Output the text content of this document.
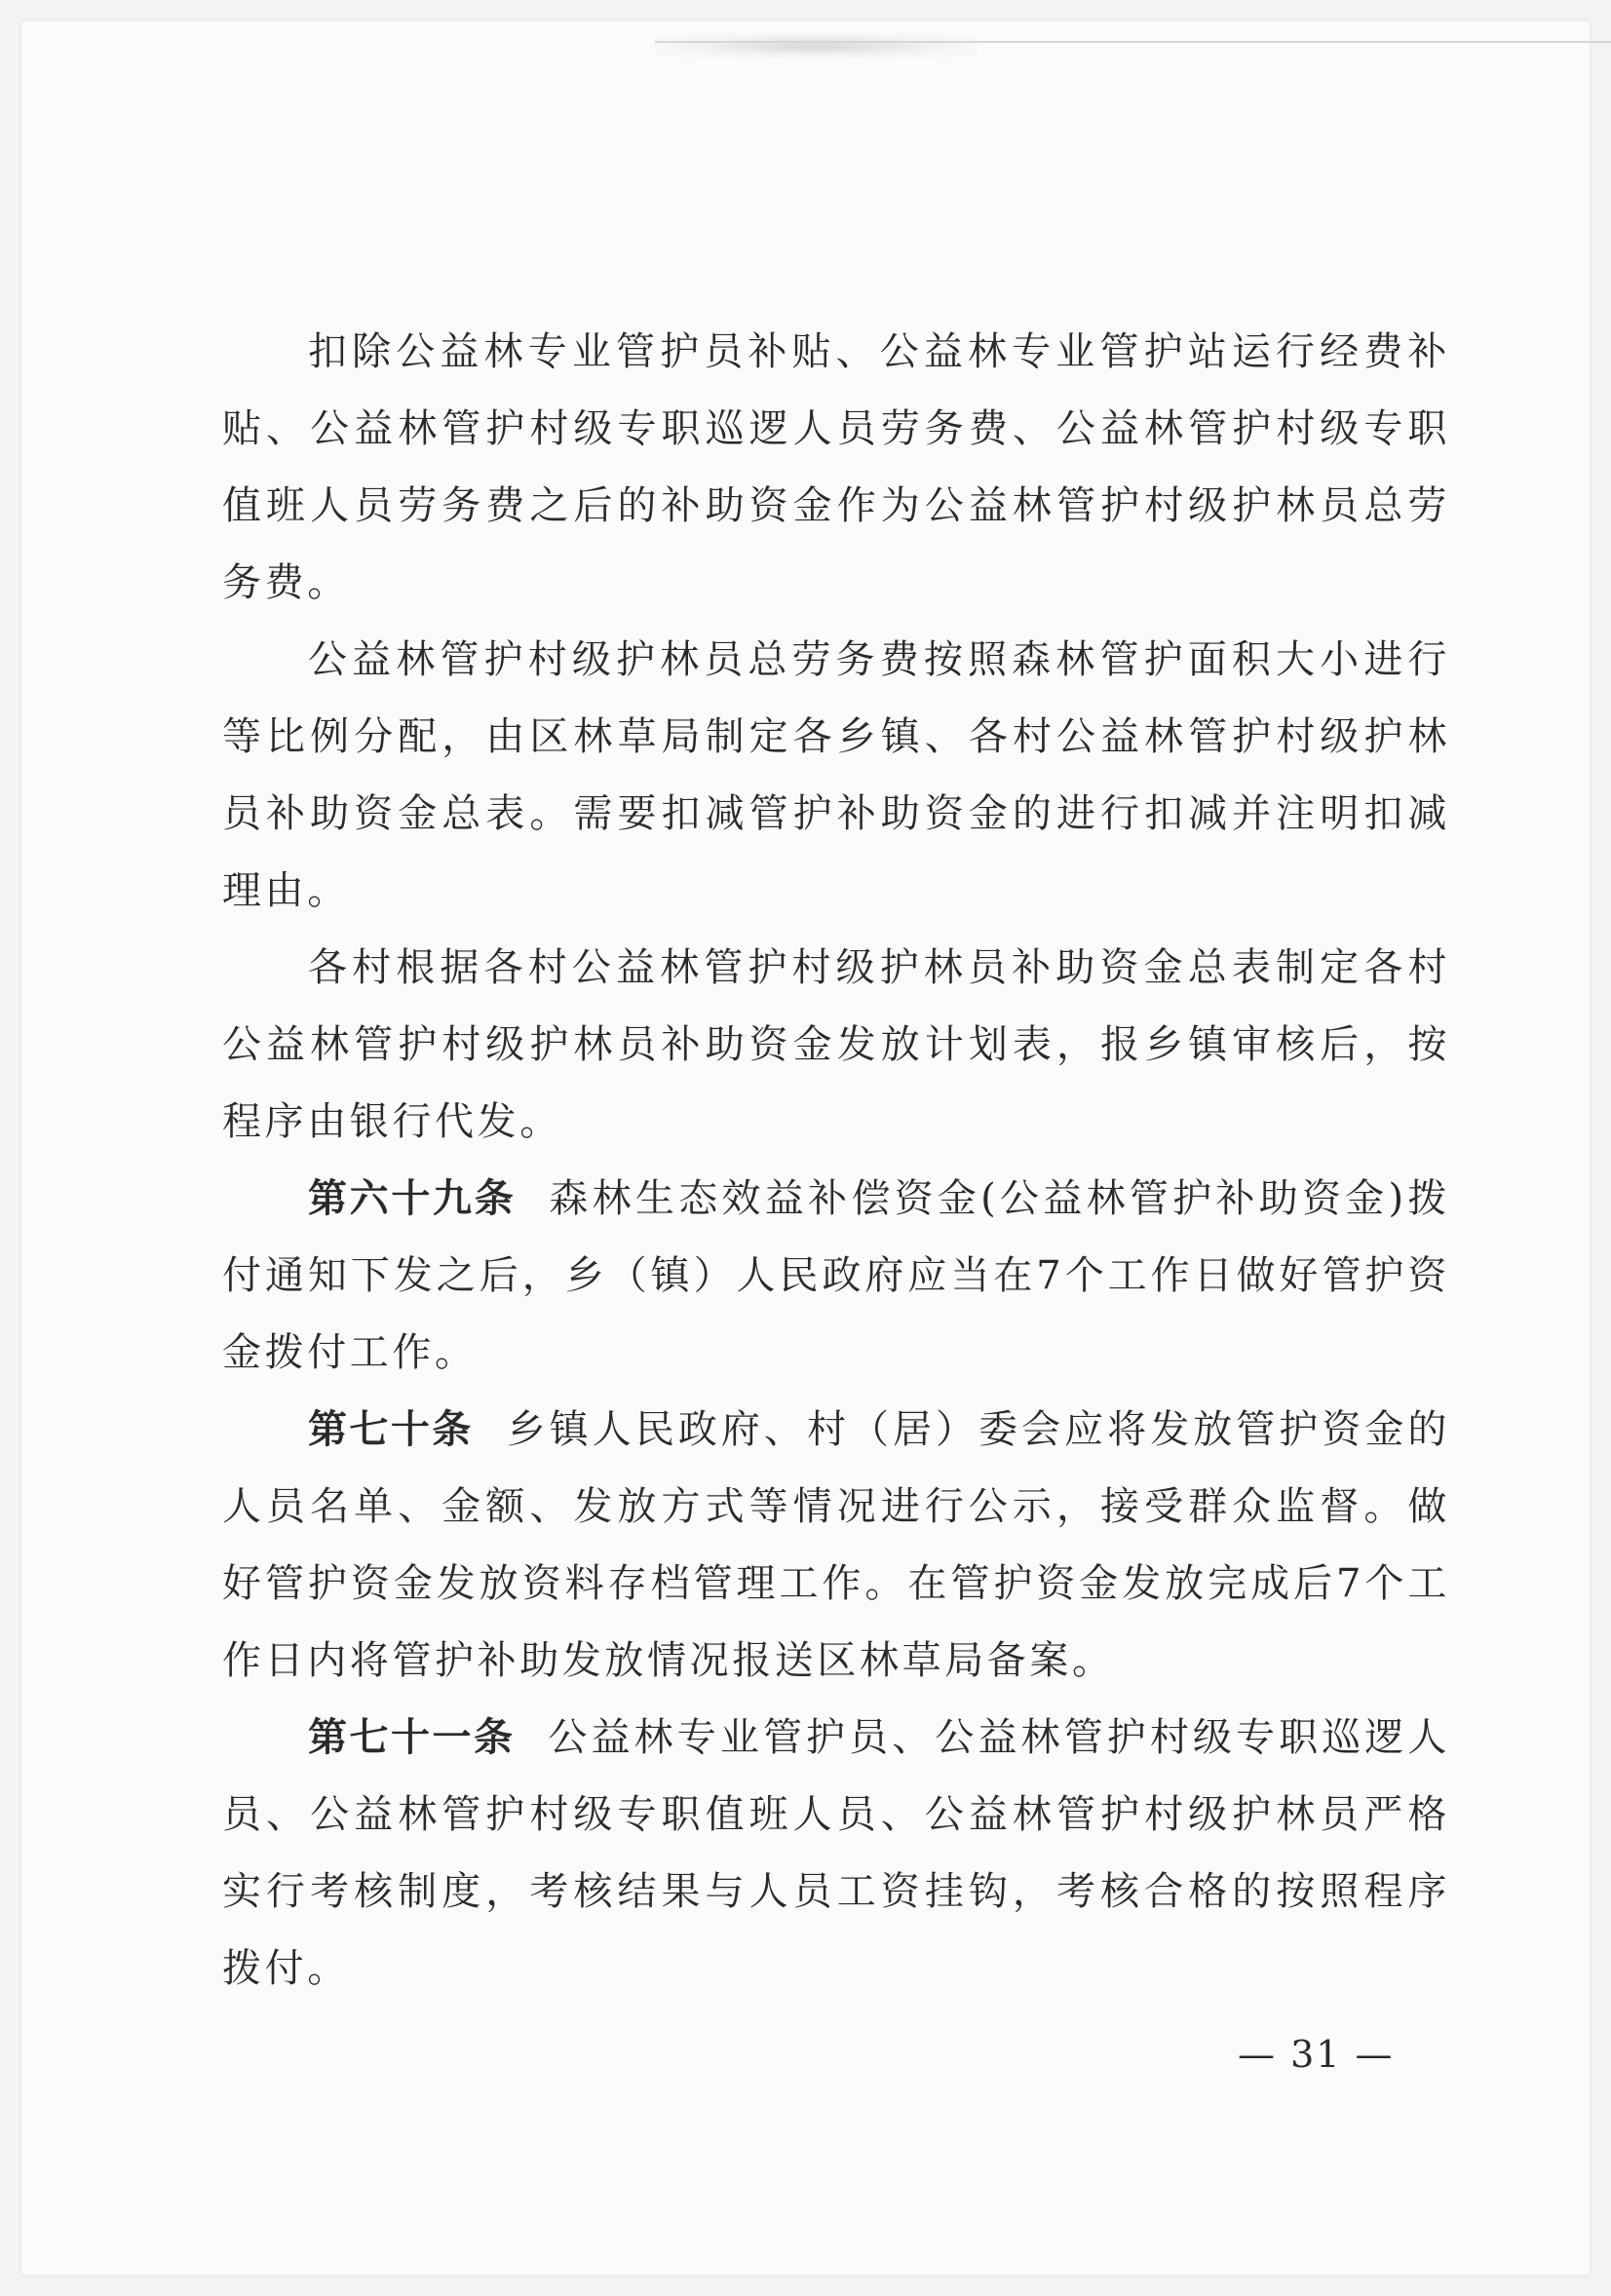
扣除公益林专业管护员补贴、公益林专业管护站运行经费补贴、公益林管护村级专职巡逻人员劳务费、公益林管护村级专职值班人员劳务费之后的补助资金作为公益林管护村级护林员总劳务费。

公益林管护村级护林员总劳务费按照森林管护面积大小进行等比例分配，由区林草局制定各乡镇、各村公益林管护村级护林员补助资金总表。需要扣减管护补助资金的进行扣减并注明扣减理由。

各村根据各村公益林管护村级护林员补助资金总表制定各村公益林管护村级护林员补助资金发放计划表，报乡镇审核后，按程序由银行代发。

第六十九条 森林生态效益补偿资金(公益林管护补助资金)拨付通知下发之后，乡（镇）人民政府应当在7个工作日做好管护资金拨付工作。

第七十条 乡镇人民政府、村（居）委会应将发放管护资金的人员名单、金额、发放方式等情况进行公示，接受群众监督。做好管护资金发放资料存档管理工作。在管护资金发放完成后7个工作日内将管护补助发放情况报送区林草局备案。

第七十一条 公益林专业管护员、公益林管护村级专职巡逻人员、公益林管护村级专职值班人员、公益林管护村级护林员严格实行考核制度，考核结果与人员工资挂钩，考核合格的按照程序拨付。

— 31 —
